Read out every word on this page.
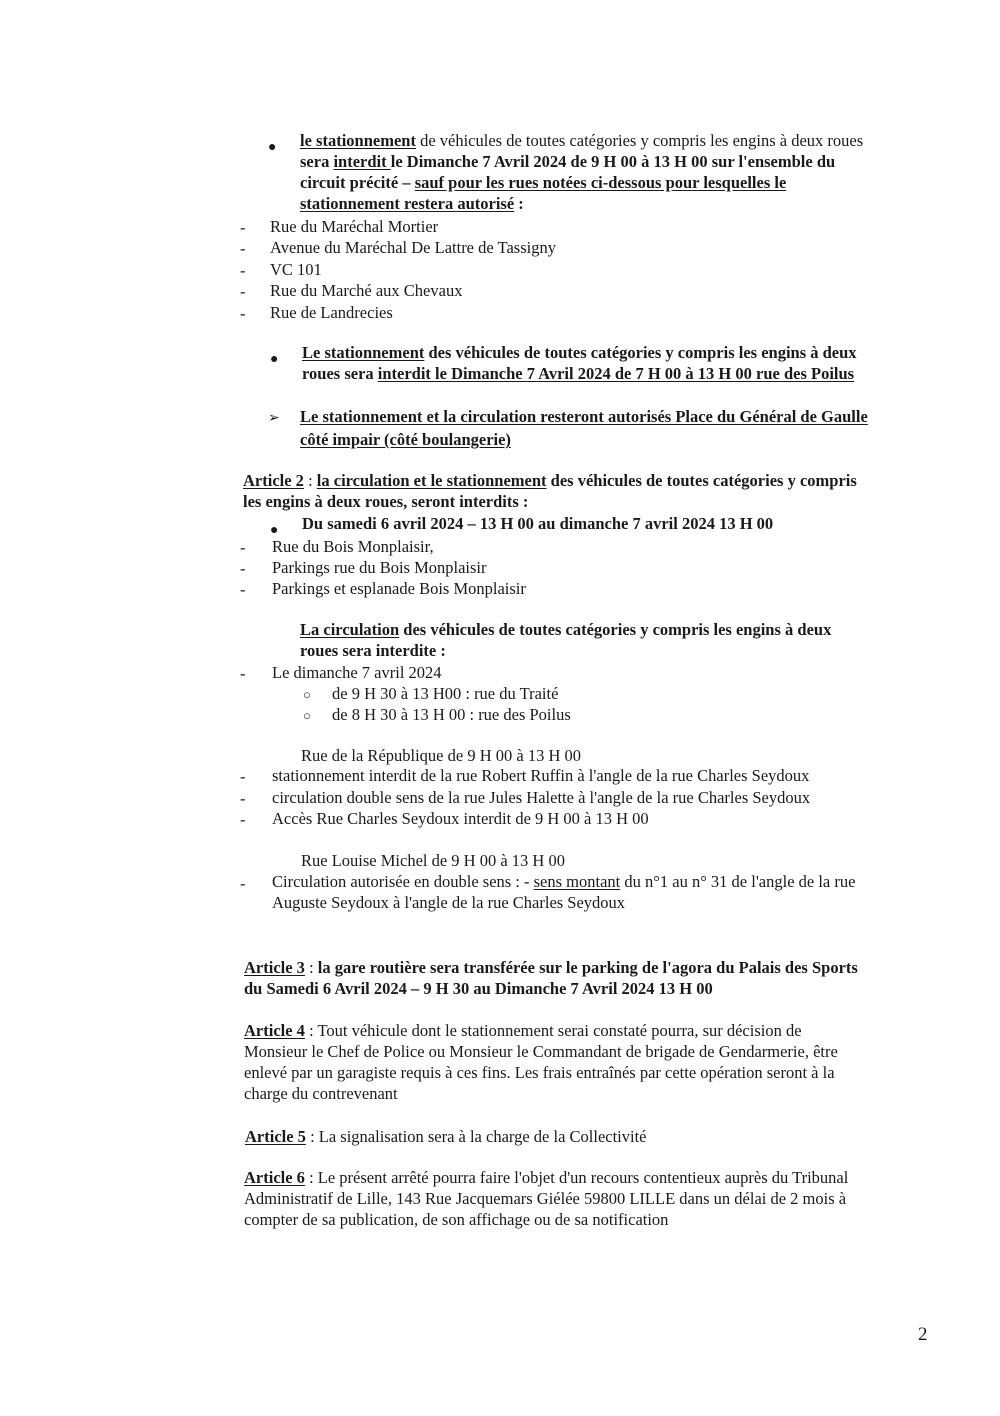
● le stationnement de véhicules de toutes catégories y compris les engins à deux roues
sera interdit le Dimanche 7 Avril 2024 de 9 H 00 à 13 H 00 sur l'ensemble du
circuit précité – sauf pour les rues notées ci-dessous pour lesquelles le
stationnement restera autorisé :
- Rue du Maréchal Mortier
- Avenue du Maréchal De Lattre de Tassigny
- VC 101
- Rue du Marché aux Chevaux
- Rue de Landrecies
● Le stationnement des véhicules de toutes catégories y compris les engins à deux
roues sera interdit le Dimanche 7 Avril 2024 de 7 H 00 à 13 H 00 rue des Poilus
➢ Le stationnement et la circulation resteront autorisés Place du Général de Gaulle
côté impair (côté boulangerie)
Article 2 : la circulation et le stationnement des véhicules de toutes catégories y compris
les engins à deux roues, seront interdits :
● Du samedi 6 avril 2024 – 13 H 00 au dimanche 7 avril 2024 13 H 00
- Rue du Bois Monplaisir,
- Parkings rue du Bois Monplaisir
- Parkings et esplanade Bois Monplaisir
La circulation des véhicules de toutes catégories y compris les engins à deux
roues sera interdite :
- Le dimanche 7 avril 2024
○ de 9 H 30 à 13 H00 : rue du Traité
○ de 8 H 30 à 13 H 00 : rue des Poilus
Rue de la République de 9 H 00 à 13 H 00
- stationnement interdit de la rue Robert Ruffin à l'angle de la rue Charles Seydoux
- circulation double sens de la rue Jules Halette à l'angle de la rue Charles Seydoux
- Accès Rue Charles Seydoux interdit de 9 H 00 à 13 H 00
Rue Louise Michel de 9 H 00 à 13 H 00
- Circulation autorisée en double sens : - sens montant du n°1 au n° 31 de l'angle de la rue
Auguste Seydoux à l'angle de la rue Charles Seydoux
Article 3 : la gare routière sera transférée sur le parking de l'agora du Palais des Sports
du Samedi 6 Avril 2024 – 9 H 30 au Dimanche 7 Avril 2024 13 H 00
Article 4 : Tout véhicule dont le stationnement serai constaté pourra, sur décision de
Monsieur le Chef de Police ou Monsieur le Commandant de brigade de Gendarmerie, être
enlevé par un garagiste requis à ces fins. Les frais entraînés par cette opération seront à la
charge du contrevenant
Article 5 : La signalisation sera à la charge de la Collectivité
Article 6 : Le présent arrêté pourra faire l'objet d'un recours contentieux auprès du Tribunal
Administratif de Lille, 143 Rue Jacquemars Giélée 59800 LILLE dans un délai de 2 mois à
compter de sa publication, de son affichage ou de sa notification
2
